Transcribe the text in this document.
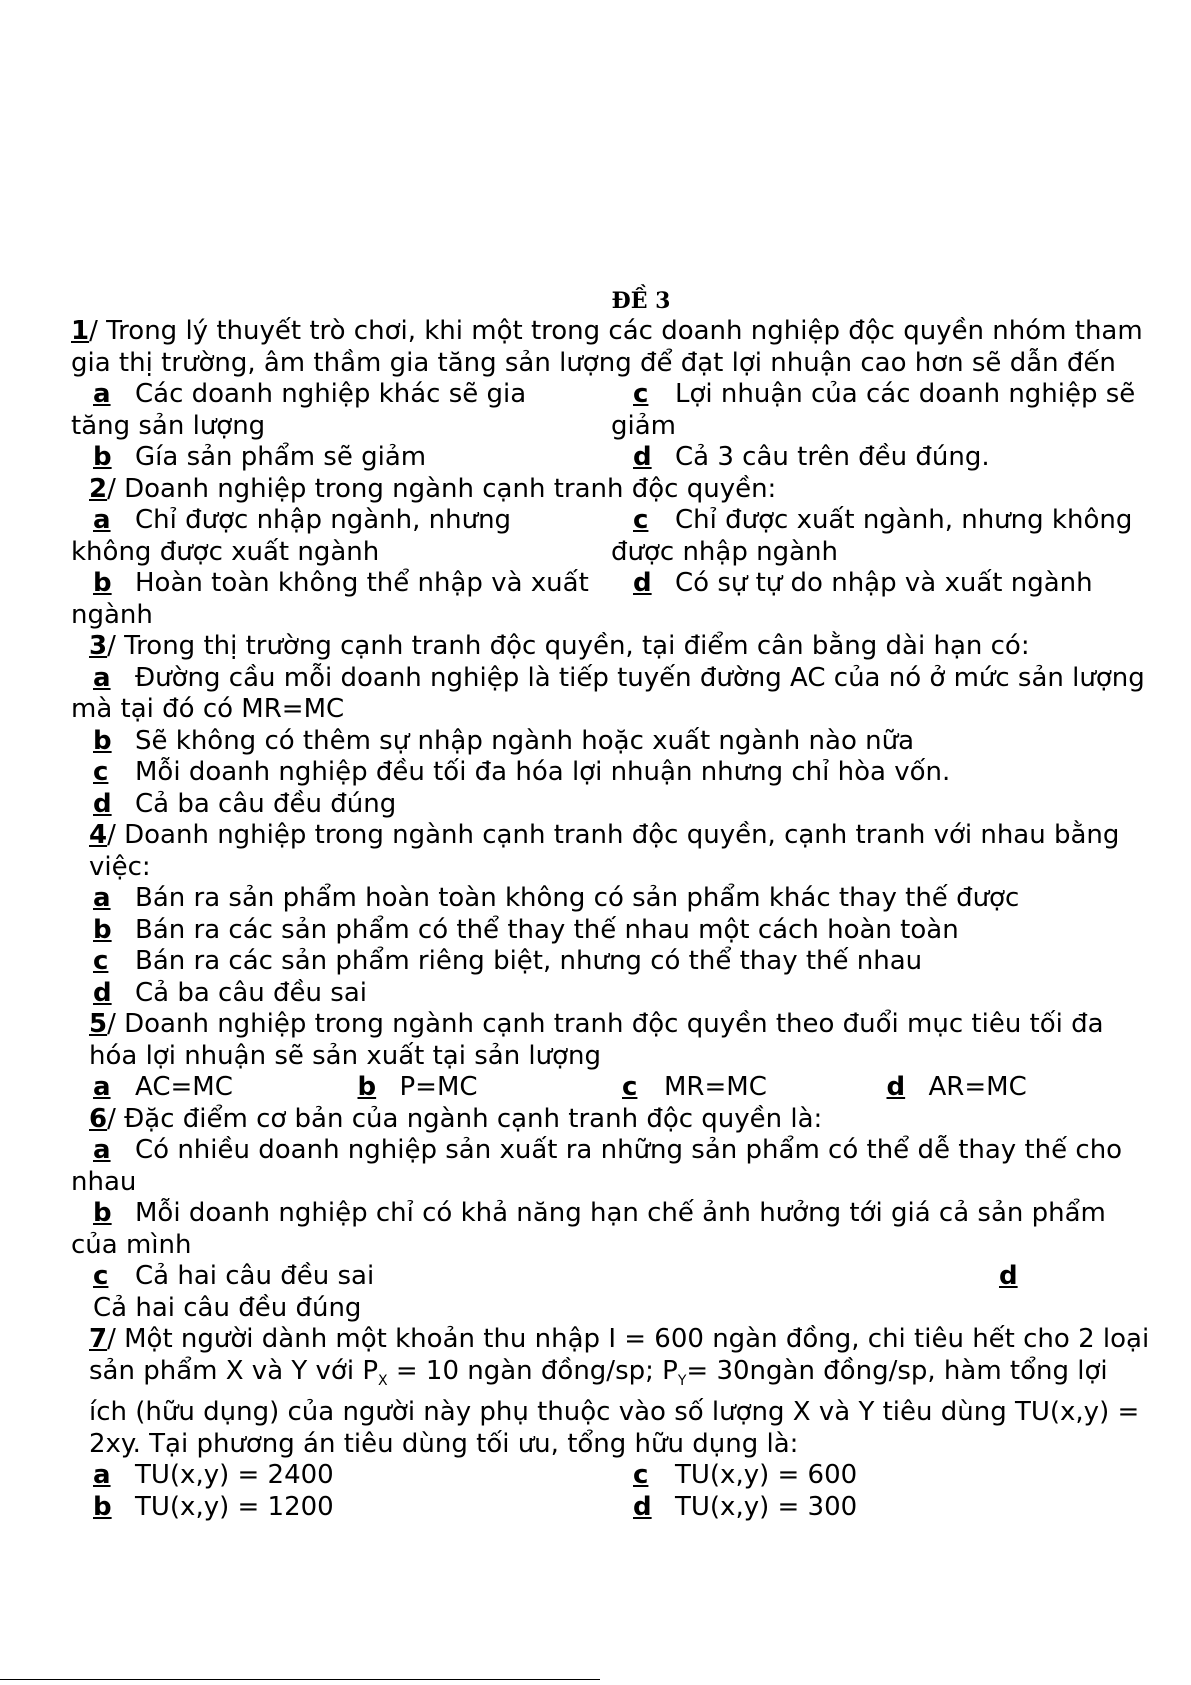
ĐỀ 3
1/ Trong lý thuyết trò chơi, khi một trong các doanh nghiệp độc quyền nhóm tham gia thị trường, âm thầm gia tăng sản lượng để đạt lợi nhuận cao hơn sẽ dẫn đến
a Các doanh nghiệp khác sẽ gia tăng sản lượng
c Lợi nhuận của các doanh nghiệp sẽ giảm
b Gía sản phẩm sẽ giảm	d Cả 3 câu trên đều đúng.
2/ Doanh nghiệp trong ngành cạnh tranh độc quyền:
a Chỉ được nhập ngành, nhưng không được xuất ngành
c Chỉ được xuất ngành, nhưng không được nhập ngành
b Hoàn toàn không thể nhập và xuất ngành
d Có sự tự do nhập và xuất ngành
3/ Trong thị trường cạnh tranh độc quyền, tại điểm cân bằng dài hạn có:
a Đường cầu mỗi doanh nghiệp là tiếp tuyến đường AC của nó ở mức sản lượng mà tại đó có MR=MC
b Sẽ không có thêm sự nhập ngành hoặc xuất ngành nào nữa
c Mỗi doanh nghiệp đều tối đa hóa lợi nhuận nhưng chỉ hòa vốn.
d Cả ba câu đều đúng
4/ Doanh nghiệp trong ngành cạnh tranh độc quyền, cạnh tranh với nhau bằng việc:
a Bán ra sản phẩm hoàn toàn không có sản phẩm khác thay thế được
b Bán ra các sản phẩm có thể thay thế nhau một cách hoàn toàn
c Bán ra các sản phẩm riêng biệt, nhưng có thể thay thế nhau
d Cả ba câu đều sai
5/ Doanh nghiệp trong ngành cạnh tranh độc quyền theo đuổi mục tiêu tối đa hóa lợi nhuận sẽ sản xuất tại sản lượng
a AC=MC	b P=MC	c MR=MC	d AR=MC
6/ Đặc điểm cơ bản của ngành cạnh tranh độc quyền là:
a Có nhiều doanh nghiệp sản xuất ra những sản phẩm có thể dễ thay thế cho nhau
b Mỗi doanh nghiệp chỉ có khả năng hạn chế ảnh hưởng tới giá cả sản phẩm của mình
c Cả hai câu đều sai	d
Cả hai câu đều đúng
7/ Một người dành một khoản thu nhập I = 600 ngàn đồng, chi tiêu hết cho 2 loại sản phẩm X và Y với $P_X = 10$ ngàn đồng/sp; $P_Y=$ 30ngàn đồng/sp, hàm tổng lợi ích (hữu dụng) của người này phụ thuộc vào số lượng X và Y tiêu dùng TU(x,y) = 2xy. Tại phương án tiêu dùng tối ưu, tổng hữu dụng là:
a TU(x,y) = 2400	c TU(x,y) = 600
b TU(x,y) = 1200	d TU(x,y) = 300
